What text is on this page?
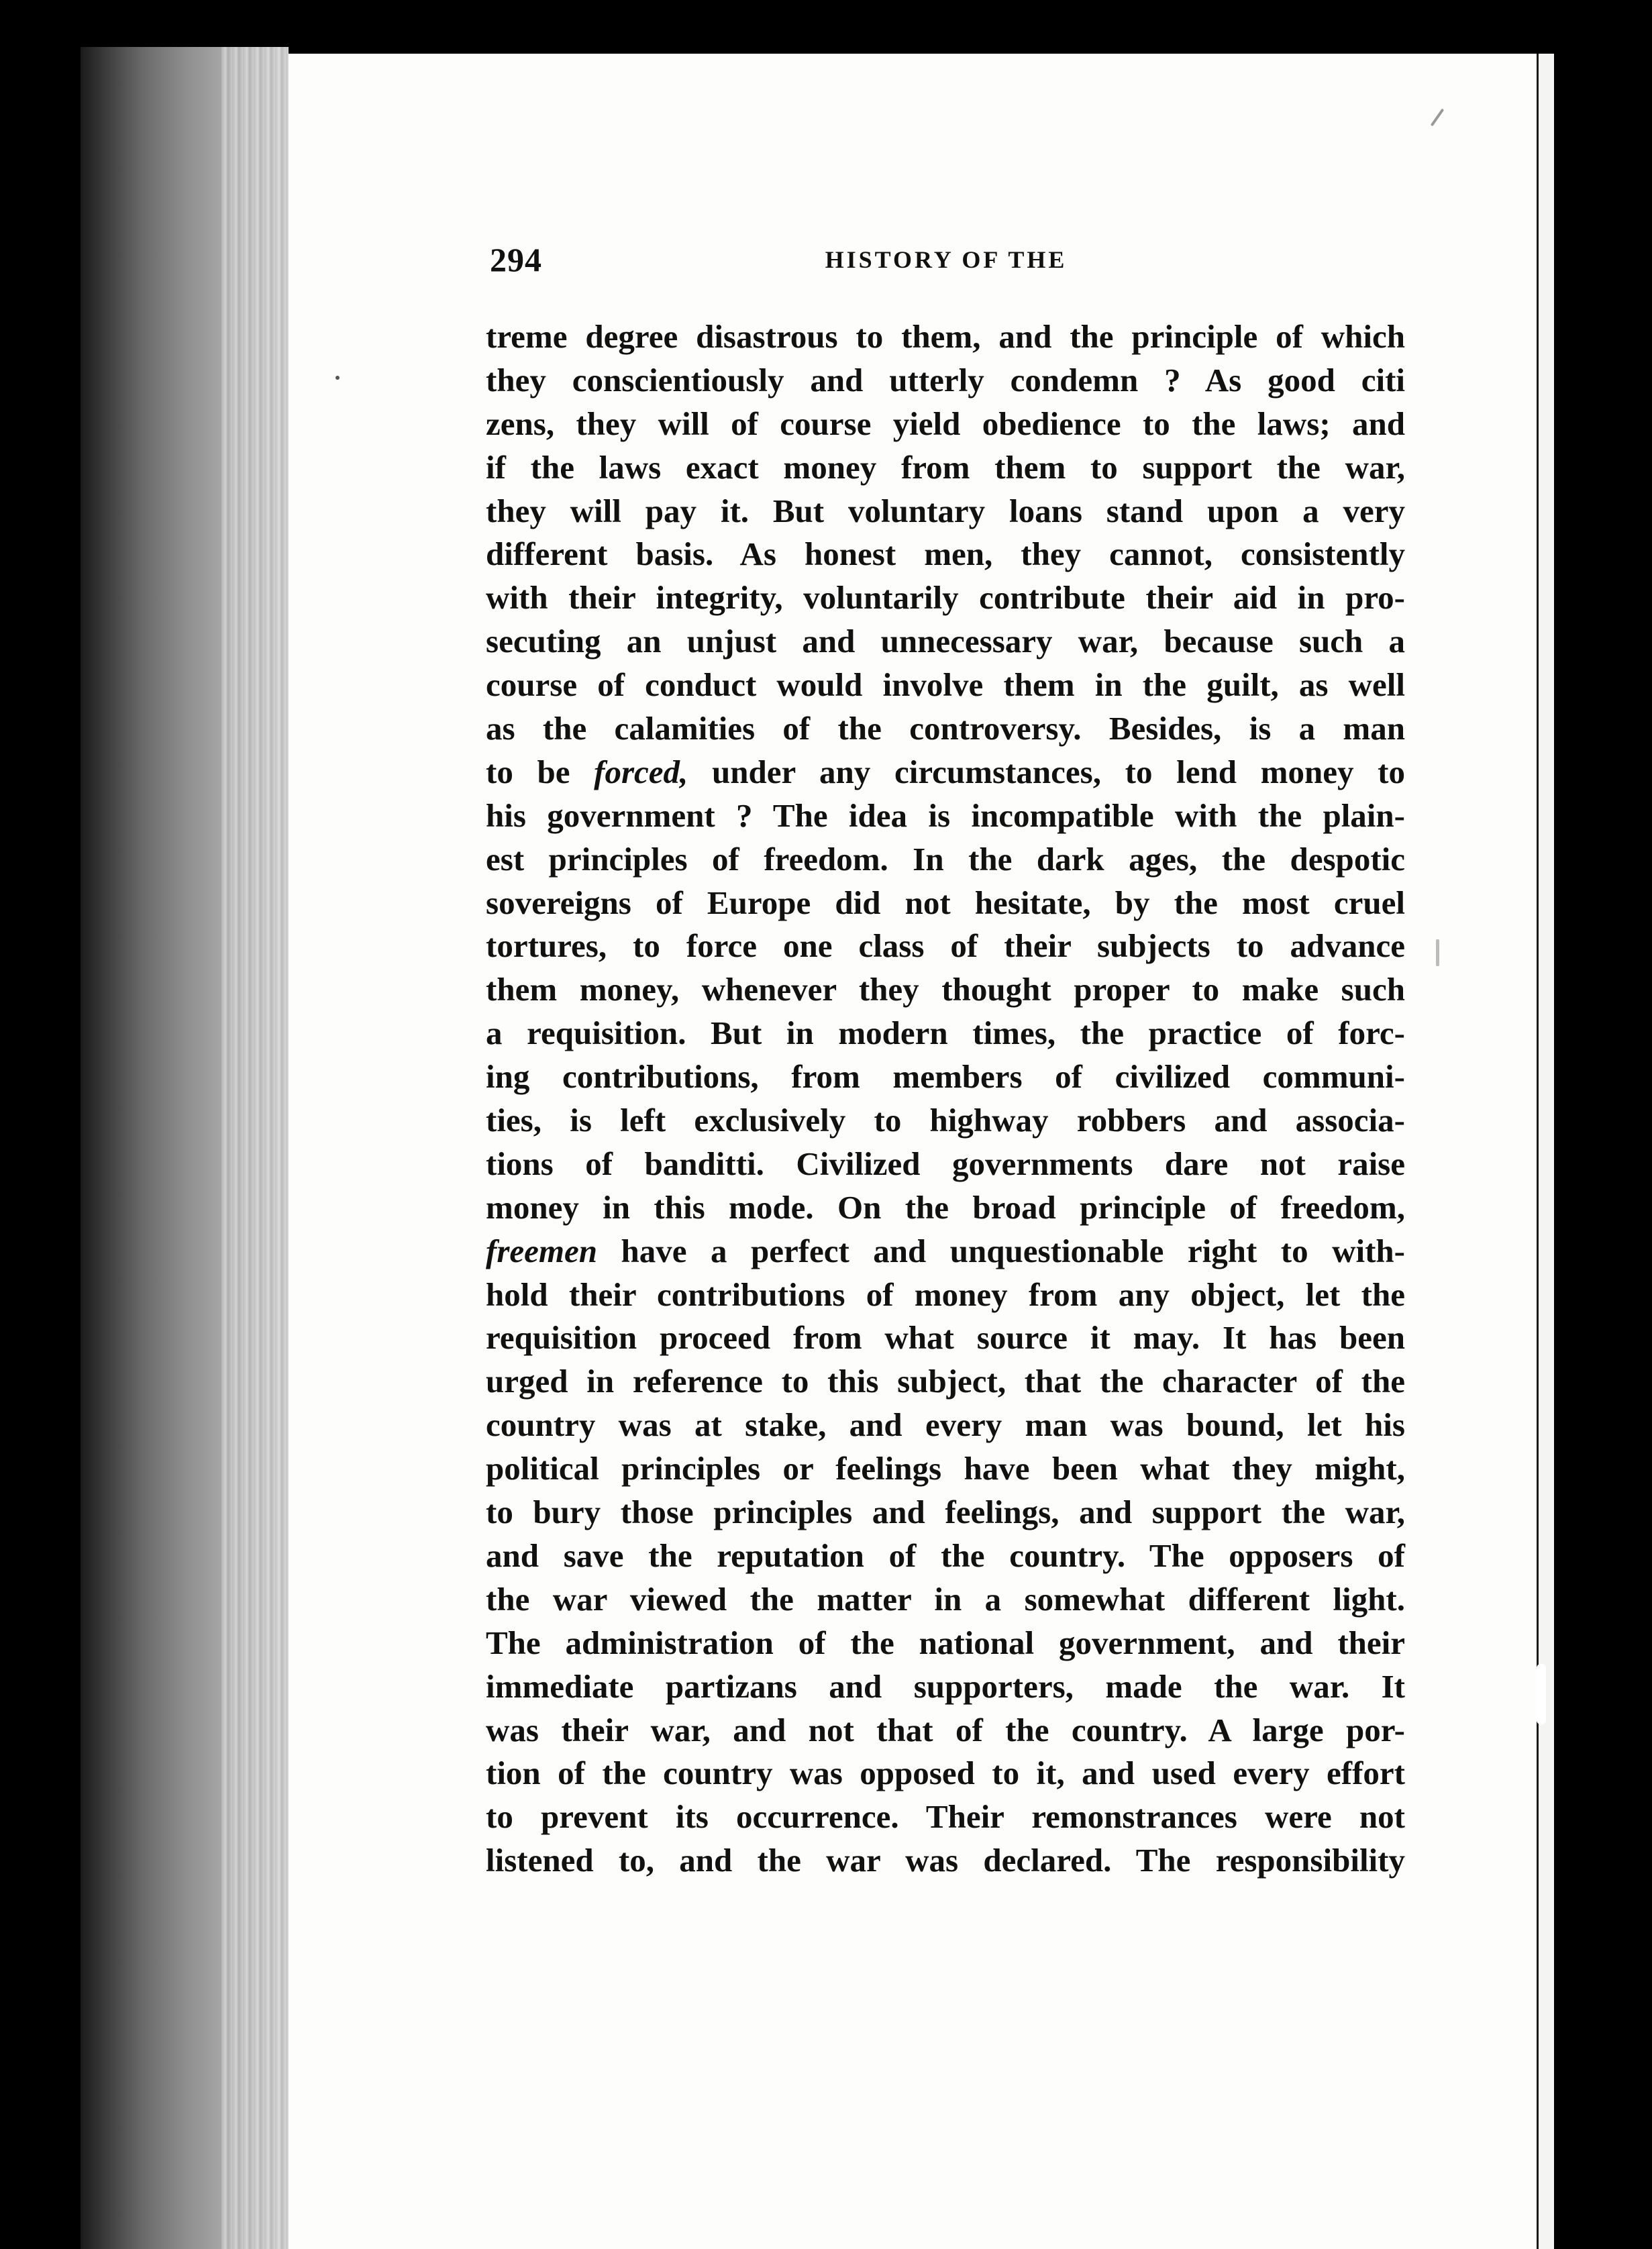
294	HISTORY OF THE
treme degree disastrous to them, and the principle of which
they conscientiously and utterly condemn ? As good citi
zens, they will of course yield obedience to the laws; and
if the laws exact money from them to support the war,
they will pay it. But voluntary loans stand upon a very
different basis. As honest men, they cannot, consistently
with their integrity, voluntarily contribute their aid in pro-
secuting an unjust and unnecessary war, because such a
course of conduct would involve them in the guilt, as well
as the calamities of the controversy. Besides, is a man
to be forced, under any circumstances, to lend money to
his government ? The idea is incompatible with the plain-
est principles of freedom. In the dark ages, the despotic
sovereigns of Europe did not hesitate, by the most cruel
tortures, to force one class of their subjects to advance
them money, whenever they thought proper to make such
a requisition. But in modern times, the practice of forc-
ing contributions, from members of civilized communi-
ties, is left exclusively to highway robbers and associa-
tions of banditti. Civilized governments dare not raise
money in this mode. On the broad principle of freedom,
freemen have a perfect and unquestionable right to with-
hold their contributions of money from any object, let the
requisition proceed from what source it may. It has been
urged in reference to this subject, that the character of the
country was at stake, and every man was bound, let his
political principles or feelings have been what they might,
to bury those principles and feelings, and support the war,
and save the reputation of the country. The opposers of
the war viewed the matter in a somewhat different light.
The administration of the national government, and their
immediate partizans and supporters, made the war. It
was their war, and not that of the country. A large por-
tion of the country was opposed to it, and used every effort
to prevent its occurrence. Their remonstrances were not
listened to, and the war was declared. The responsibility
